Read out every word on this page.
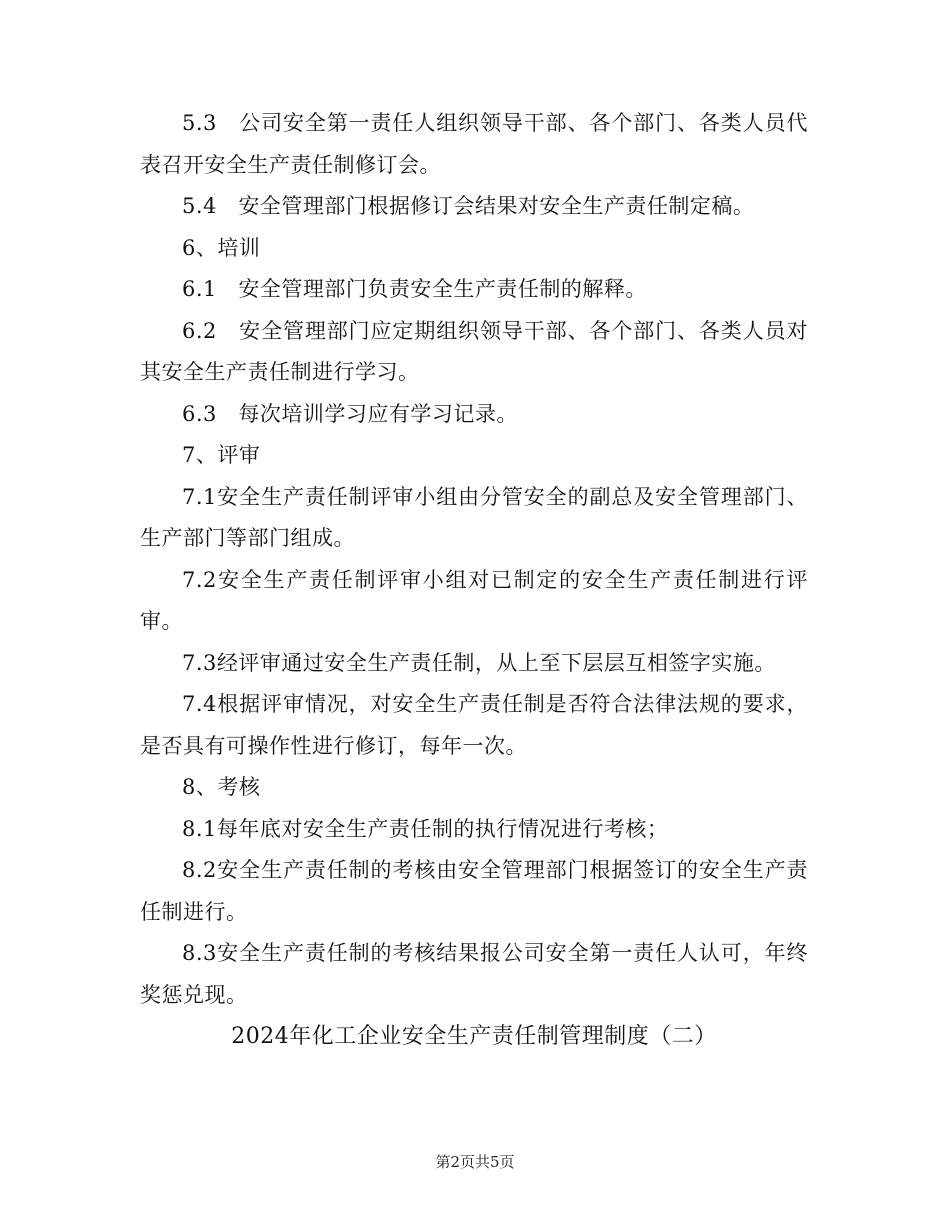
5.3　公司安全第一责任人组织领导干部、各个部门、各类人员代表召开安全生产责任制修订会。

5.4　安全管理部门根据修订会结果对安全生产责任制定稿。

6、培训

6.1　安全管理部门负责安全生产责任制的解释。

6.2　安全管理部门应定期组织领导干部、各个部门、各类人员对其安全生产责任制进行学习。

6.3　每次培训学习应有学习记录。

7、评审

7.1安全生产责任制评审小组由分管安全的副总及安全管理部门、生产部门等部门组成。

7.2安全生产责任制评审小组对已制定的安全生产责任制进行评审。

7.3经评审通过安全生产责任制，从上至下层层互相签字实施。

7.4根据评审情况，对安全生产责任制是否符合法律法规的要求，是否具有可操作性进行修订，每年一次。

8、考核

8.1每年底对安全生产责任制的执行情况进行考核；

8.2安全生产责任制的考核由安全管理部门根据签订的安全生产责任制进行。

8.3安全生产责任制的考核结果报公司安全第一责任人认可，年终奖惩兑现。

2024年化工企业安全生产责任制管理制度（二）

第2页共5页
